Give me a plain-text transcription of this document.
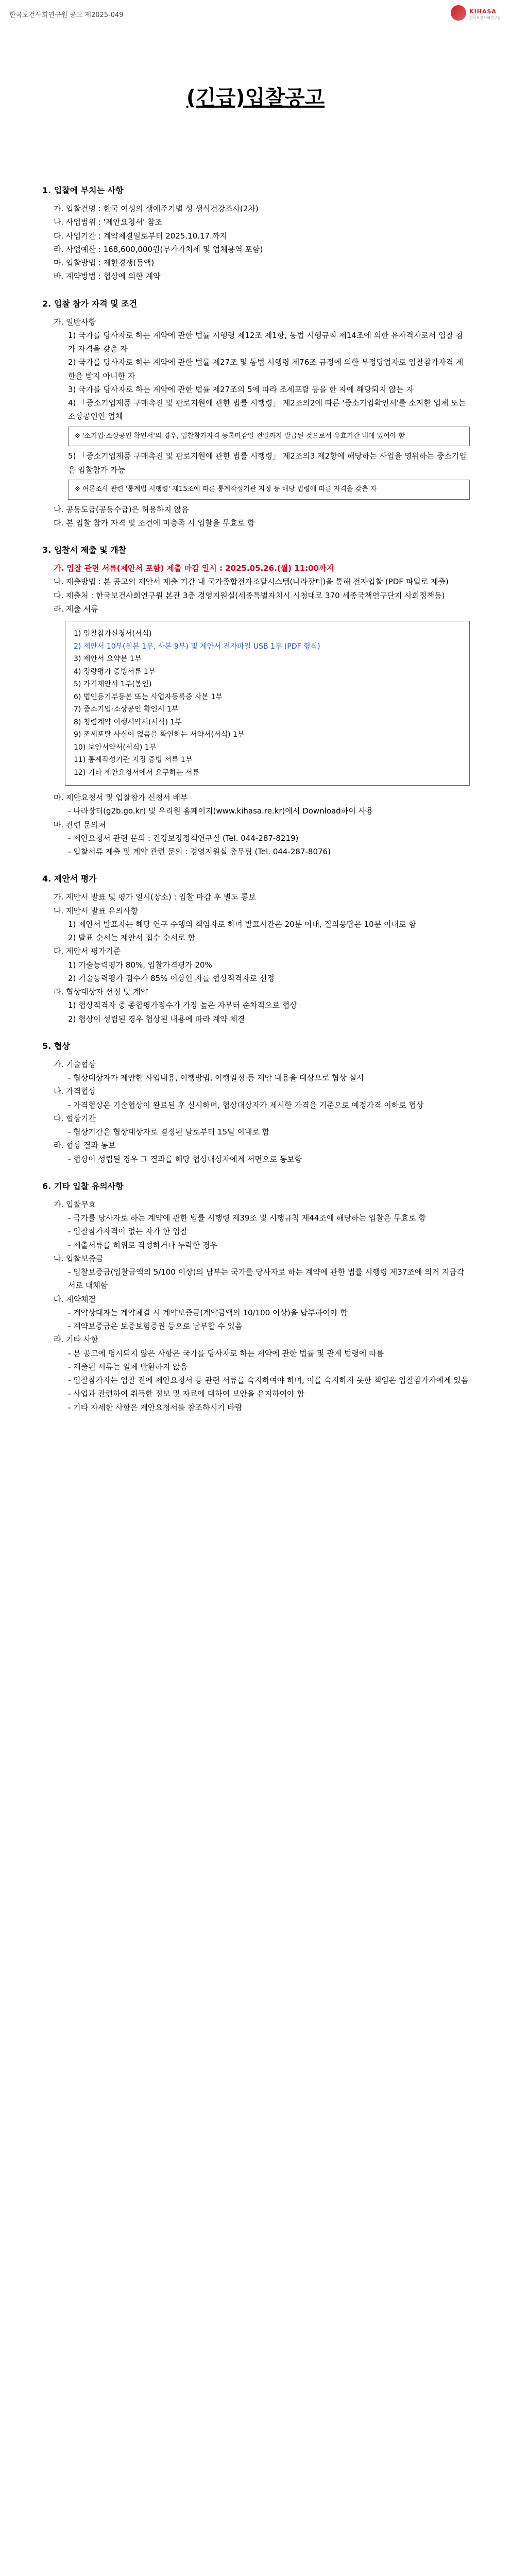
한국보건사회연구원 공고 제2025-049	KIHASA
한국보건사회연구원
(긴급)입찰공고
1. 입찰에 부치는 사항
가. 입찰건명 : 한국 여성의 생애주기별 성 생식건강조사(2차)
나. 사업범위 : '제안요청서' 참조
다. 사업기간 : 계약체결일로부터 2025.10.17.까지
라. 사업예산 : 168,600,000원(부가가치세 및 업체용역 포함)
마. 입찰방법 : 제한경쟁(동액)
바. 계약방법 : 협상에 의한 계약
2. 입찰 참가 자격 및 조건
가. 일반사항
1) 국가를 당사자로 하는 계약에 관한 법률 시행령 제12조 제1항, 동법 시행규칙 제14조에 의한 유자격자로서 입찰 참가 자격을 갖춘 자
2) 국가를 당사자로 하는 계약에 관한 법률 제27조 및 동법 시행령 제76조 규정에 의한 부정당업자로 입찰참가자격 제한을 받지 아니한 자
3) 국가를 당사자로 하는 계약에 관한 법률 제27조의 5에 따라 조세포탈 등을 한 자에 해당되지 않는 자
4) 「중소기업제품 구매촉진 및 판로지원에 관한 법률 시행령」 제2조의2에 따른 '중소기업확인서'를 소지한 업체 또는 소상공인인 업체
※ '소기업·소상공인 확인서'의 경우, 입찰참가자격 등록마감일 전일까지 발급된 것으로서 유효기간 내에 있어야 함
5) 「중소기업제품 구매촉진 및 판로지원에 관한 법률 시행령」 제2조의3 제2항에 해당하는 사업을 영위하는 중소기업은 입찰참가 가능
※ 여론조사 관련 '통계법 시행령' 제15조에 따른 통계작성기관 지정 등 해당 법령에 따른 자격을 갖춘 자
나. 공동도급(공동수급)은 허용하지 않음
다. 본 입찰 참가 자격 및 조건에 미충족 시 입찰을 무효로 함
3. 입찰서 제출 및 개찰
가. 입찰 관련 서류(제안서 포함) 제출 마감 일시 : 2025.05.26.(월) 11:00까지
나. 제출방법 : 본 공고의 제안서 제출 기간 내 국가종합전자조달시스템(나라장터)을 통해 전자입찰 (PDF 파일로 제출)
다. 제출처 : 한국보건사회연구원 본관 3층 경영지원실(세종특별자치시 시청대로 370 세종국책연구단지 사회정책동)
라. 제출 서류
1) 입찰참가신청서(서식)
2) 제안서 10부(원본 1부, 사본 9부) 및 제안서 전자파일 USB 1부 (PDF 형식)
3) 제안서 요약본 1부
4) 정량평가 증빙서류 1부
5) 가격제안서 1부(봉인)
6) 법인등기부등본 또는 사업자등록증 사본 1부
7) 중소기업·소상공인 확인서 1부
8) 청렴계약 이행서약서(서식) 1부
9) 조세포탈 사실이 없음을 확인하는 서약서(서식) 1부
10) 보안서약서(서식) 1부
11) 통계작성기관 지정 증빙 서류 1부
12) 기타 제안요청서에서 요구하는 서류
마. 제안요청서 및 입찰참가 신청서 배부
- 나라장터(g2b.go.kr) 및 우리원 홈페이지(www.kihasa.re.kr)에서 Download하여 사용
바. 관련 문의처
- 제안요청서 관련 문의 : 건강보장정책연구실 (Tel. 044-287-8219)
- 입찰서류 제출 및 계약 관련 문의 : 경영지원실 총무팀 (Tel. 044-287-8076)
4. 제안서 평가
가. 제안서 발표 및 평가 일시(장소) : 입찰 마감 후 별도 통보
나. 제안서 발표 유의사항
1) 제안서 발표자는 해당 연구 수행의 책임자로 하며 발표시간은 20분 이내, 질의응답은 10분 이내로 함
2) 발표 순서는 제안서 접수 순서로 함
다. 제안서 평가기준
1) 기술능력평가 80%, 입찰가격평가 20%
2) 기술능력평가 점수가 85% 이상인 자를 협상적격자로 선정
라. 협상대상자 선정 및 계약
1) 협상적격자 중 종합평가점수가 가장 높은 자부터 순차적으로 협상
2) 협상이 성립된 경우 협상된 내용에 따라 계약 체결
5. 협상
가. 기술협상
- 협상대상자가 제안한 사업내용, 이행방법, 이행일정 등 제안 내용을 대상으로 협상 실시
나. 가격협상
- 가격협상은 기술협상이 완료된 후 실시하며, 협상대상자가 제시한 가격을 기준으로 예정가격 이하로 협상
다. 협상기간
- 협상기간은 협상대상자로 결정된 날로부터 15일 이내로 함
라. 협상 결과 통보
- 협상이 성립된 경우 그 결과를 해당 협상대상자에게 서면으로 통보함
6. 기타 입찰 유의사항
가. 입찰무효
- 국가를 당사자로 하는 계약에 관한 법률 시행령 제39조 및 시행규칙 제44조에 해당하는 입찰은 무효로 함
- 입찰참가자격이 없는 자가 한 입찰
- 제출서류를 허위로 작성하거나 누락한 경우
나. 입찰보증금
- 입찰보증금(입찰금액의 5/100 이상)의 납부는 국가를 당사자로 하는 계약에 관한 법률 시행령 제37조에 의거 지급각서로 대체함
다. 계약체결
- 계약상대자는 계약체결 시 계약보증금(계약금액의 10/100 이상)을 납부하여야 함
- 계약보증금은 보증보험증권 등으로 납부할 수 있음
라. 기타 사항
- 본 공고에 명시되지 않은 사항은 국가를 당사자로 하는 계약에 관한 법률 및 관계 법령에 따름
- 제출된 서류는 일체 반환하지 않음
- 입찰참가자는 입찰 전에 제안요청서 등 관련 서류를 숙지하여야 하며, 이를 숙지하지 못한 책임은 입찰참가자에게 있음
- 사업과 관련하여 취득한 정보 및 자료에 대하여 보안을 유지하여야 함
- 기타 자세한 사항은 제안요청서를 참조하시기 바람
